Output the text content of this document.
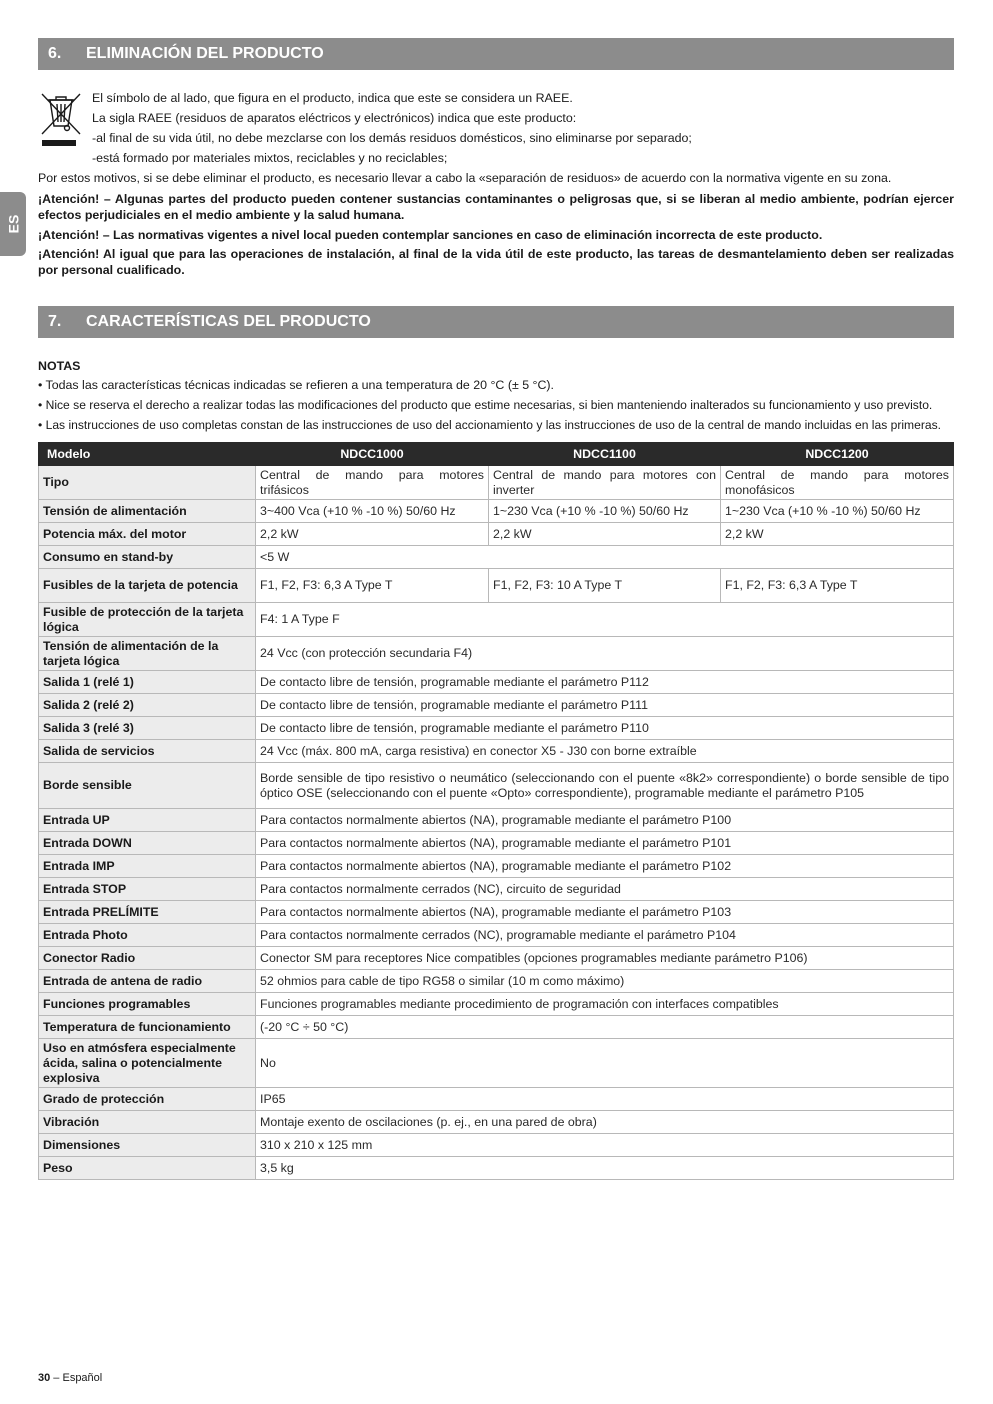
ES
6.	ELIMINACIÓN DEL PRODUCTO

El símbolo de al lado, que figura en el producto, indica que este se considera un RAEE.

La sigla RAEE (residuos de aparatos eléctricos y electrónicos) indica que este producto:

-al final de su vida útil, no debe mezclarse con los demás residuos domésticos, sino eliminarse por separado;

-está formado por materiales mixtos, reciclables y no reciclables;

Por estos motivos, si se debe eliminar el producto, es necesario llevar a cabo la «separación de residuos» de acuerdo con la normativa vigente en su zona.

¡Atención! – Algunas partes del producto pueden contener sustancias contaminantes o peligrosas que, si se liberan al medio ambiente, podrían ejercer efectos perjudiciales en el medio ambiente y la salud humana.

¡Atención! – Las normativas vigentes a nivel local pueden contemplar sanciones en caso de eliminación incorrecta de este producto.

¡Atención! Al igual que para las operaciones de instalación, al final de la vida útil de este producto, las tareas de desmantelamiento deben ser realizadas por personal cualificado.

7.	CARACTERÍSTICAS DEL PRODUCTO

NOTAS

• Todas las características técnicas indicadas se refieren a una temperatura de 20 °C (± 5 °C).

• Nice se reserva el derecho a realizar todas las modificaciones del producto que estime necesarias, si bien manteniendo inalterados su funcionamiento y uso previsto.

• Las instrucciones de uso completas constan de las instrucciones de uso del accionamiento y las instrucciones de uso de la central de mando incluidas en las primeras.

Modelo	NDCC1000	NDCC1100	NDCC1200
Tipo	Central de mando para motores trifásicos	Central de mando para motores con inverter	Central de mando para motores monofásicos
Tensión de alimentación	3~400 Vca (+10 % -10 %) 50/60 Hz	1~230 Vca (+10 % -10 %) 50/60 Hz	1~230 Vca (+10 % -10 %) 50/60 Hz
Potencia máx. del motor	2,2 kW	2,2 kW	2,2 kW
Consumo en stand-by	<5 W		
Fusibles de la tarjeta de potencia	F1, F2, F3: 6,3 A Type T	F1, F2, F3: 10 A Type T	F1, F2, F3: 6,3 A Type T
Fusible de protección de la tarjeta lógica	F4: 1 A Type F		
Tensión de alimentación de la tarjeta lógica	24 Vcc (con protección secundaria F4)		
Salida 1 (relé 1)	De contacto libre de tensión, programable mediante el parámetro P112		
Salida 2 (relé 2)	De contacto libre de tensión, programable mediante el parámetro P111		
Salida 3 (relé 3)	De contacto libre de tensión, programable mediante el parámetro P110		
Salida de servicios	24 Vcc (máx. 800 mA, carga resistiva) en conector X5 - J30 con borne extraíble		
Borde sensible	Borde sensible de tipo resistivo o neumático (seleccionando con el puente «8k2» correspondiente) o borde sensible de tipo óptico OSE (seleccionando con el puente «Opto» correspondiente), programable mediante el parámetro P105		
Entrada UP	Para contactos normalmente abiertos (NA), programable mediante el parámetro P100		
Entrada DOWN	Para contactos normalmente abiertos (NA), programable mediante el parámetro P101		
Entrada IMP	Para contactos normalmente abiertos (NA), programable mediante el parámetro P102		
Entrada STOP	Para contactos normalmente cerrados (NC), circuito de seguridad		
Entrada PRELÍMITE	Para contactos normalmente abiertos (NA), programable mediante el parámetro P103		
Entrada Photo	Para contactos normalmente cerrados (NC), programable mediante el parámetro P104		
Conector Radio	Conector SM para receptores Nice compatibles (opciones programables mediante parámetro P106)		
Entrada de antena de radio	52 ohmios para cable de tipo RG58 o similar (10 m como máximo)		
Funciones programables	Funciones programables mediante procedimiento de programación con interfaces compatibles		
Temperatura de funcionamiento	(-20 °C ÷ 50 °C)		
Uso en atmósfera especialmente ácida, salina o potencialmente explosiva	No		
Grado de protección	IP65		
Vibración	Montaje exento de oscilaciones (p. ej., en una pared de obra)		
Dimensiones	310 x 210 x 125 mm		
Peso	3,5 kg		
30 – Español
